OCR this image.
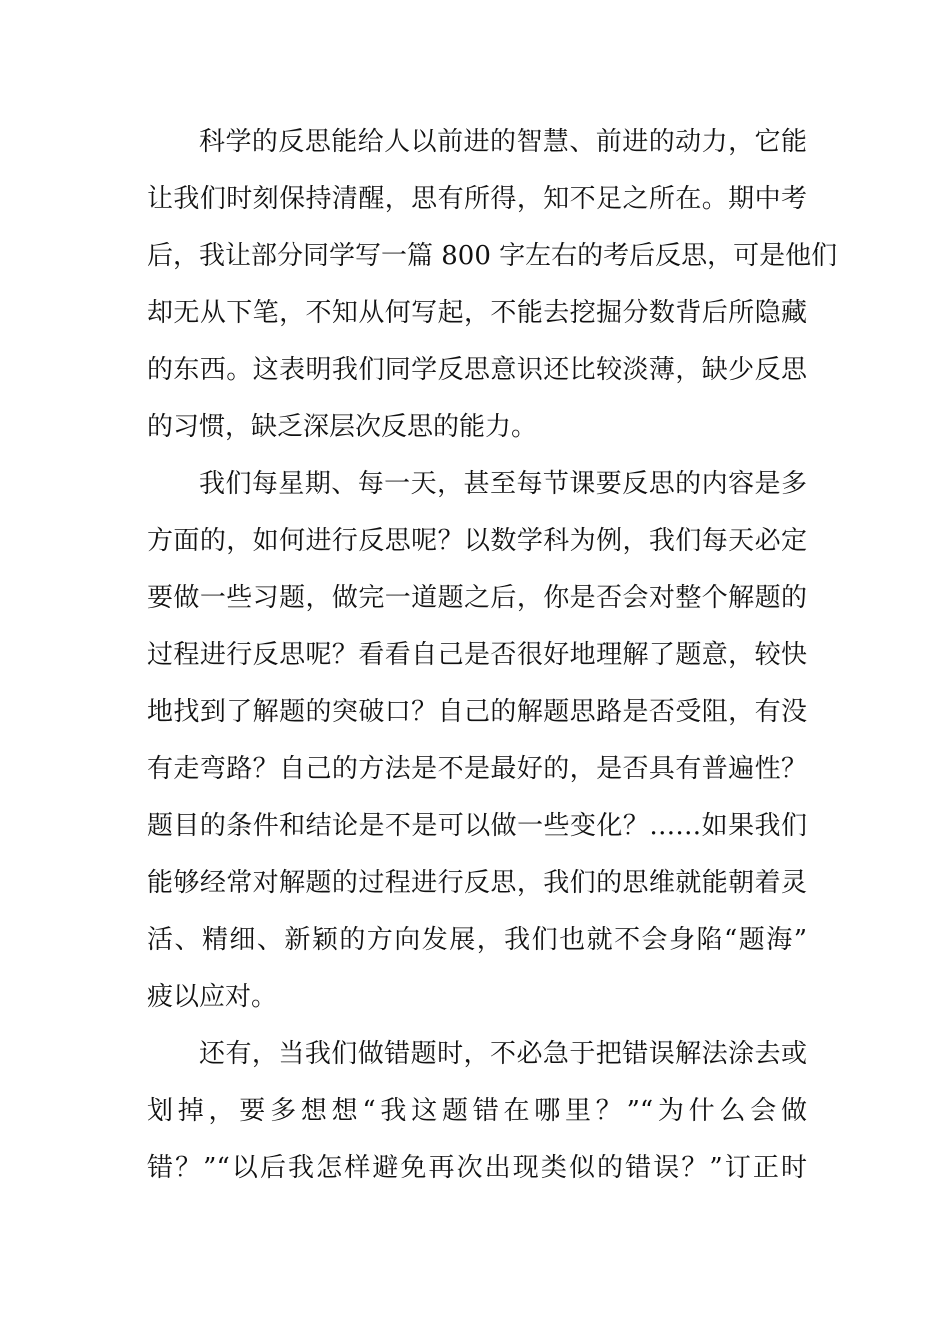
科学的反思能给人以前进的智慧、前进的动力，它能
让我们时刻保持清醒，思有所得，知不足之所在。期中考
后，我让部分同学写一篇 800 字左右的考后反思，可是他们
却无从下笔，不知从何写起，不能去挖掘分数背后所隐藏
的东西。这表明我们同学反思意识还比较淡薄，缺少反思
的习惯，缺乏深层次反思的能力。
我们每星期、每一天，甚至每节课要反思的内容是多
方面的，如何进行反思呢？以数学科为例，我们每天必定
要做一些习题，做完一道题之后，你是否会对整个解题的
过程进行反思呢？看看自己是否很好地理解了题意，较快
地找到了解题的突破口？自己的解题思路是否受阻，有没
有走弯路？自己的方法是不是最好的，是否具有普遍性？
题目的条件和结论是不是可以做一些变化？……如果我们
能够经常对解题的过程进行反思，我们的思维就能朝着灵
活、精细、新颖的方向发展，我们也就不会身陷“题海”
疲以应对。
还有，当我们做错题时，不必急于把错误解法涂去或
划掉，要多想想“我这题错在哪里？”“为什么会做
错？”“以后我怎样避免再次出现类似的错误？”订正时
